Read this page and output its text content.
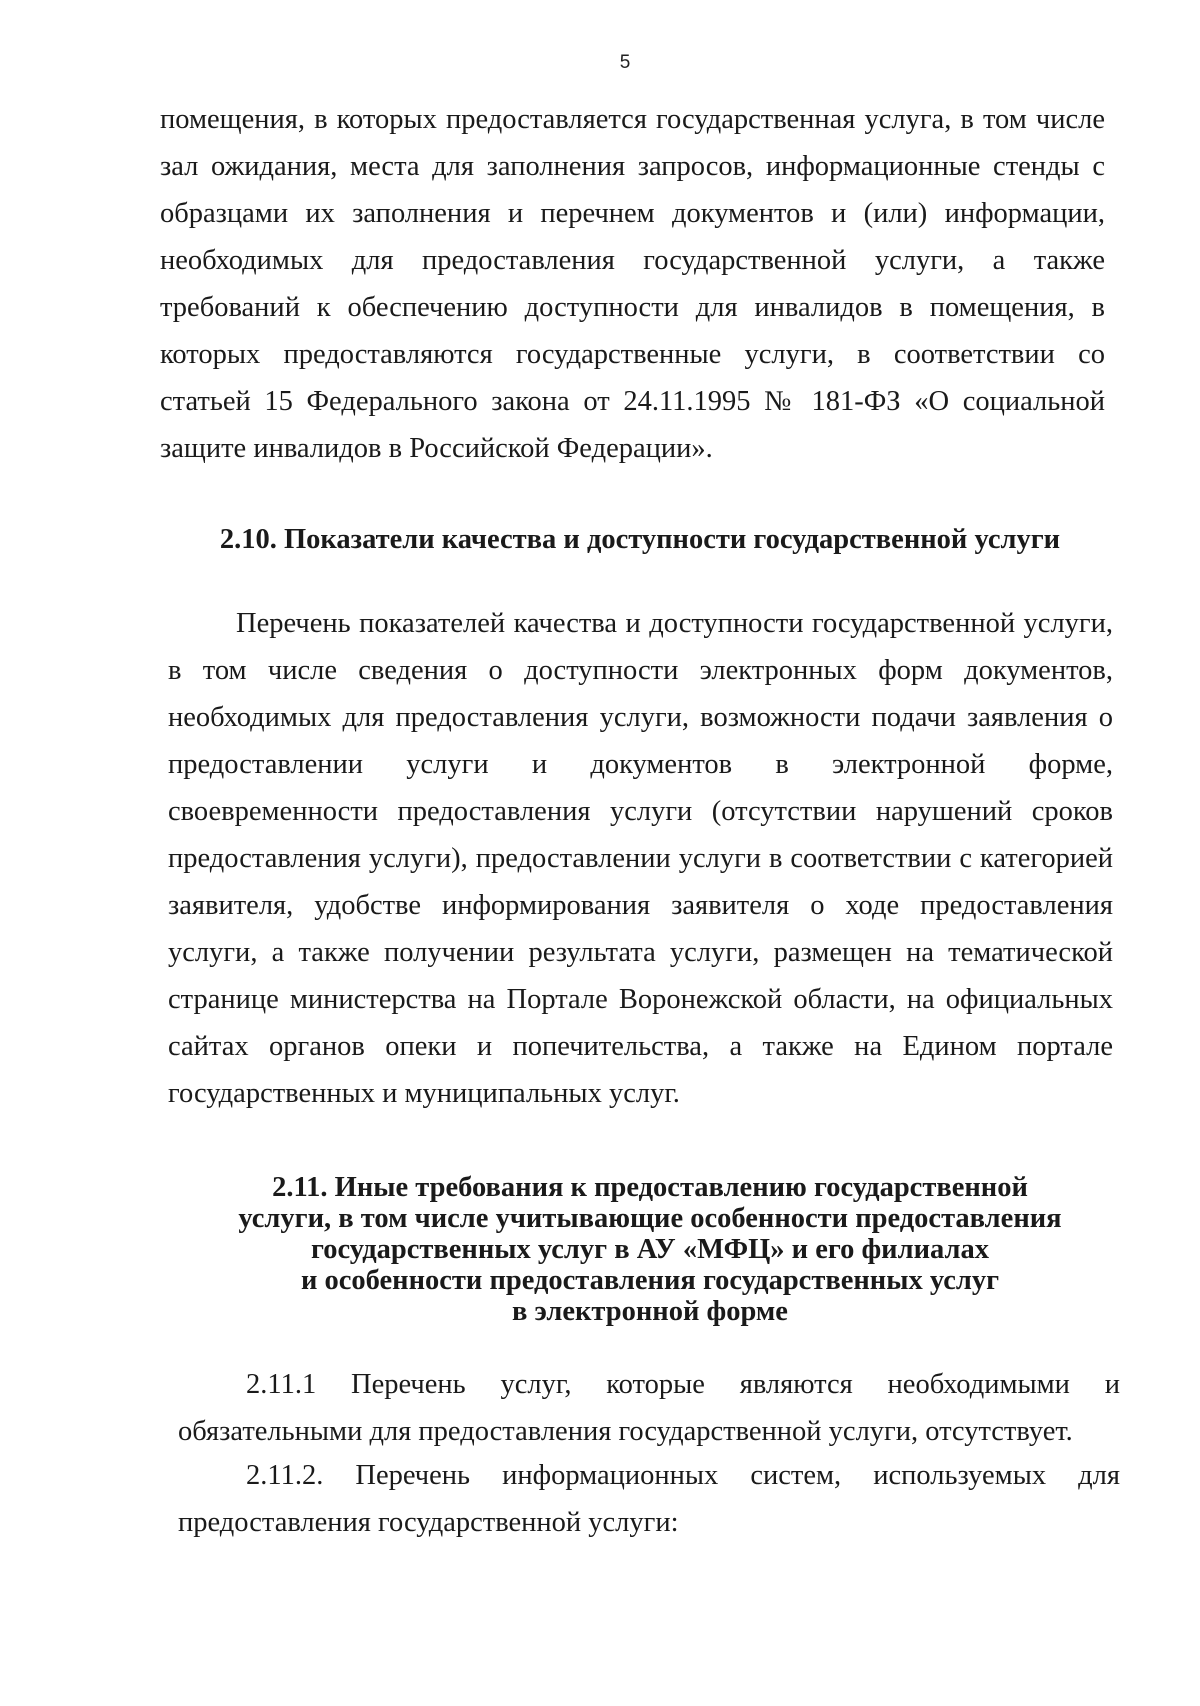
5

помещения, в которых предоставляется государственная услуга, в том числе зал ожидания, места для заполнения запросов, информационные стенды с образцами их заполнения и перечнем документов и (или) информации, необходимых для предоставления государственной услуги, а также требований к обеспечению доступности для инвалидов в помещения, в которых предоставляются государственные услуги, в соответствии со статьей 15 Федерального закона от 24.11.1995 № 181-ФЗ «О социальной защите инвалидов в Российской Федерации».

2.10. Показатели качества и доступности государственной услуги

Перечень показателей качества и доступности государственной услуги, в том числе сведения о доступности электронных форм документов, необходимых для предоставления услуги, возможности подачи заявления о предоставлении услуги и документов в электронной форме, своевременности предоставления услуги (отсутствии нарушений сроков предоставления услуги), предоставлении услуги в соответствии с категорией заявителя, удобстве информирования заявителя о ходе предоставления услуги, а также получении результата услуги, размещен на тематической странице министерства на Портале Воронежской области, на официальных сайтах органов опеки и попечительства, а также на Едином портале государственных и муниципальных услуг.

2.11. Иные требования к предоставлению государственной
услуги, в том числе учитывающие особенности предоставления
государственных услуг в АУ «МФЦ» и его филиалах
и особенности предоставления государственных услуг
в электронной форме

2.11.1 Перечень услуг, которые являются необходимыми и обязательными для предоставления государственной услуги, отсутствует.

2.11.2. Перечень информационных систем, используемых для предоставления государственной услуги:
